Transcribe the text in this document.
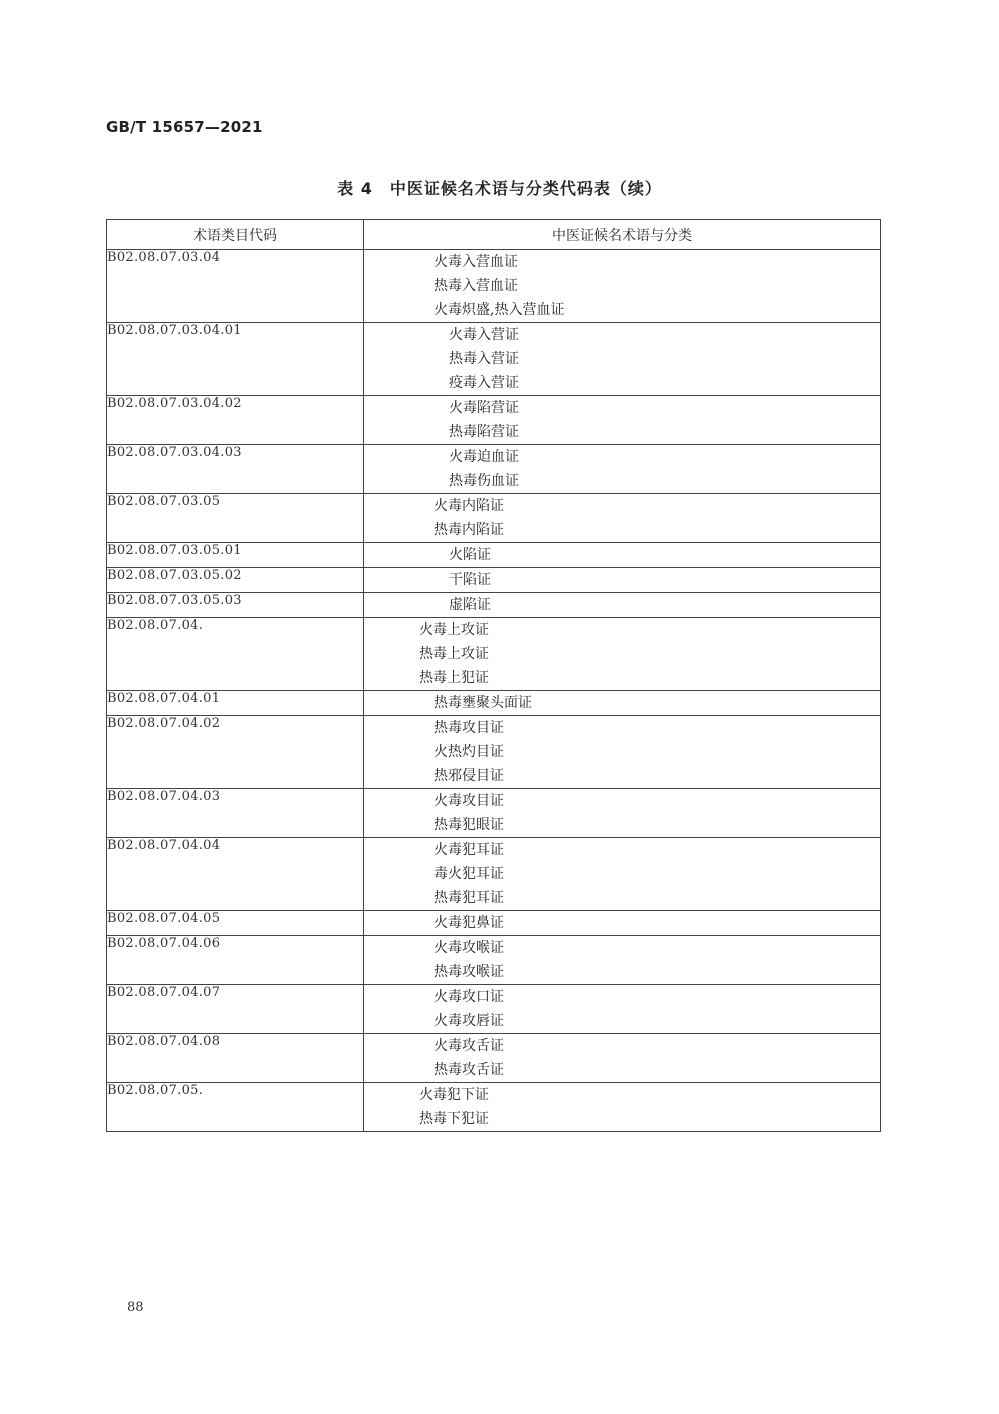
GB/T 15657—2021
表 4　中医证候名术语与分类代码表（续）
术语类目代码	中医证候名术语与分类
B02.08.07.03.04	火毒入营血证
热毒入营血证
火毒炽盛,热入营血证

B02.08.07.03.04.01	火毒入营证
热毒入营证
疫毒入营证

B02.08.07.03.04.02	火毒陷营证
热毒陷营证

B02.08.07.03.04.03	火毒迫血证
热毒伤血证

B02.08.07.03.05	火毒内陷证
热毒内陷证

B02.08.07.03.05.01	火陷证

B02.08.07.03.05.02	干陷证

B02.08.07.03.05.03	虚陷证

B02.08.07.04.	火毒上攻证
热毒上攻证
热毒上犯证

B02.08.07.04.01	热毒壅聚头面证

B02.08.07.04.02	热毒攻目证
火热灼目证
热邪侵目证

B02.08.07.04.03	火毒攻目证
热毒犯眼证

B02.08.07.04.04	火毒犯耳证
毒火犯耳证
热毒犯耳证

B02.08.07.04.05	火毒犯鼻证

B02.08.07.04.06	火毒攻喉证
热毒攻喉证

B02.08.07.04.07	火毒攻口证
火毒攻唇证

B02.08.07.04.08	火毒攻舌证
热毒攻舌证

B02.08.07.05.	火毒犯下证
热毒下犯证
88
